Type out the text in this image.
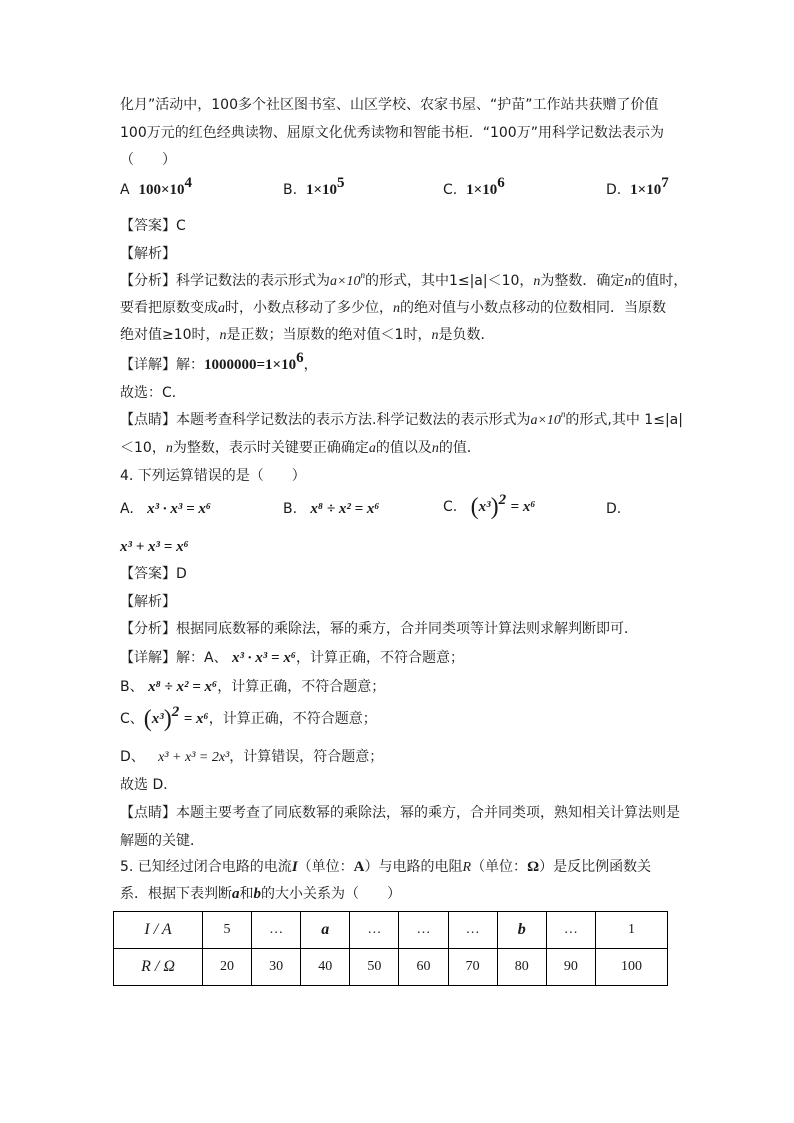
化月”活动中，100多个社区图书室、山区学校、农家书屋、“护苗”工作站共获赠了价值
100万元的红色经典读物、屈原文化优秀读物和智能书柜．“100万”用科学记数法表示为
（　　）
A $100\times 10^4$	B. $1\times 10^5$	C. $1\times 10^6$	D. $1\times 10^7$
【答案】C
【解析】
【分析】科学记数法的表示形式为$a\times 10^n$的形式，其中1≤|a|＜10，n为整数．确定n的值时，
要看把原数变成a时，小数点移动了多少位，n的绝对值与小数点移动的位数相同．当原数
绝对值≥10时，n是正数；当原数的绝对值＜1时，n是负数．
【详解】解：$1000000=1\times 10^6$，
故选：C．
【点睛】本题考查科学记数法的表示方法.科学记数法的表示形式为$a\times 10^n$的形式,其中 1≤|a|
＜10，n为整数，表示时关键要正确确定a的值以及n的值．
4. 下列运算错误的是（　　）
A. x³ · x³ = x⁶	B. x⁸ ÷ x² = x⁶	C. $(x^3)^2 = x^6$	D.
x³ + x³ = x⁶
【答案】D
【解析】
【分析】根据同底数幂的乘除法，幂的乘方，合并同类项等计算法则求解判断即可．
【详解】解：A、 x³ · x³ = x⁶，计算正确，不符合题意；
B、 x⁸ ÷ x² = x⁶，计算正确，不符合题意；
C、$(x^3)^2 = x^6$，计算正确，不符合题意；
D、 x³ + x³ = 2x³，计算错误，符合题意；
故选 D．
【点睛】本题主要考查了同底数幂的乘除法，幂的乘方，合并同类项，熟知相关计算法则是
解题的关键．
5. 已知经过闭合电路的电流I（单位：A）与电路的电阻R（单位：Ω）是反比例函数关
系．根据下表判断a和b的大小关系为（　　）
I / A	5	…	a	…	…	…	b	…	1
R / Ω	20	30	40	50	60	70	80	90	100
